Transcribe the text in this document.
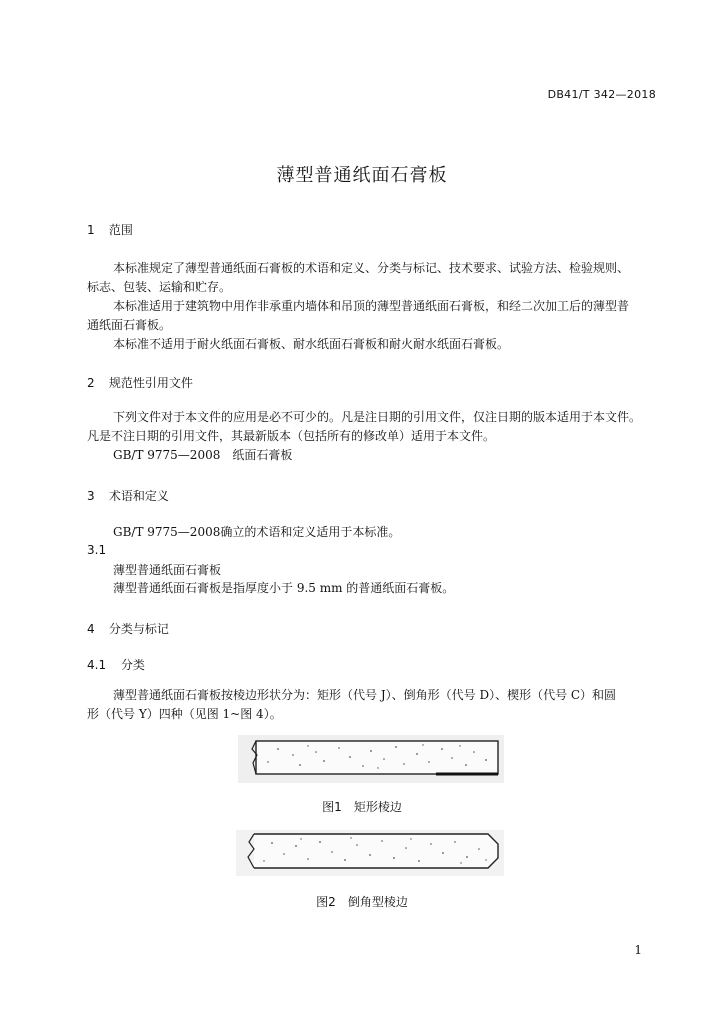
DB41/T 342—2018
薄型普通纸面石膏板
1 范围
本标准规定了薄型普通纸面石膏板的术语和定义、分类与标记、技术要求、试验方法、检验规则、
标志、包装、运输和贮存。
本标准适用于建筑物中用作非承重内墙体和吊顶的薄型普通纸面石膏板，和经二次加工后的薄型普
通纸面石膏板。
本标准不适用于耐火纸面石膏板、耐水纸面石膏板和耐火耐水纸面石膏板。
2 规范性引用文件
下列文件对于本文件的应用是必不可少的。凡是注日期的引用文件，仅注日期的版本适用于本文件。
凡是不注日期的引用文件，其最新版本（包括所有的修改单）适用于本文件。
GB/T 9775—2008　纸面石膏板
3 术语和定义
GB/T 9775—2008确立的术语和定义适用于本标准。
3.1
薄型普通纸面石膏板
薄型普通纸面石膏板是指厚度小于 9.5 mm 的普通纸面石膏板。
4 分类与标记
4.1 分类
薄型普通纸面石膏板按棱边形状分为：矩形（代号 J）、倒角形（代号 D）、楔形（代号 C）和圆
形（代号 Y）四种（见图 1~图 4）。
图1 矩形棱边
图2 倒角型棱边
1
